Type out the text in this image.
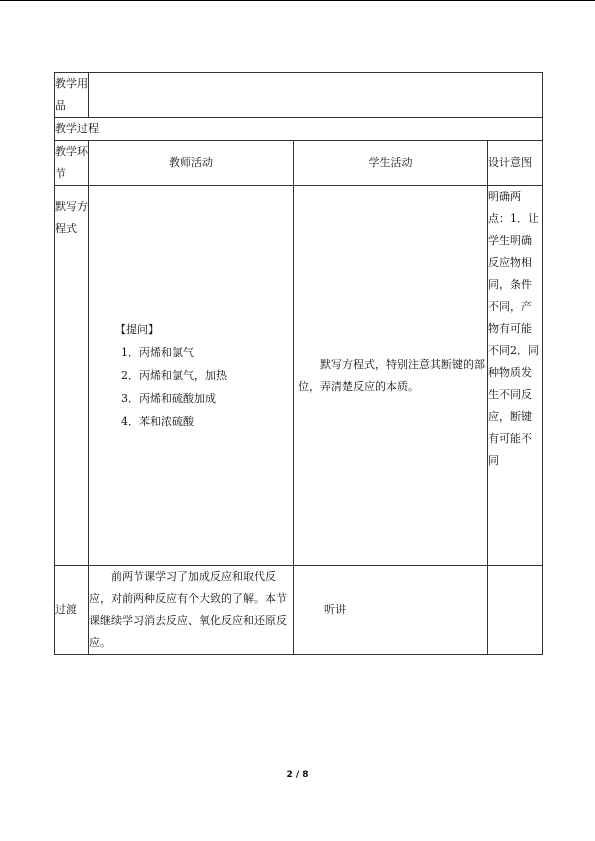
教学用品			
教学过程			
教学环节	教师活动	学生活动	设计意图
默写方程式	【提问】
1．丙烯和氯气
2．丙烯和氯气，加热
3．丙烯和硫酸加成
4．苯和浓硫酸	默写方程式，特别注意其断键的部位，弄清楚反应的本质。	明确两点：1．让学生明确反应物相同，条件不同，产物有可能不同2．同种物质发生不同反应，断键有可能不同
过渡	前两节课学习了加成反应和取代反应，对前两种反应有个大致的了解。本节课继续学习消去反应、氧化反应和还原反应。	听讲	
2 / 8
